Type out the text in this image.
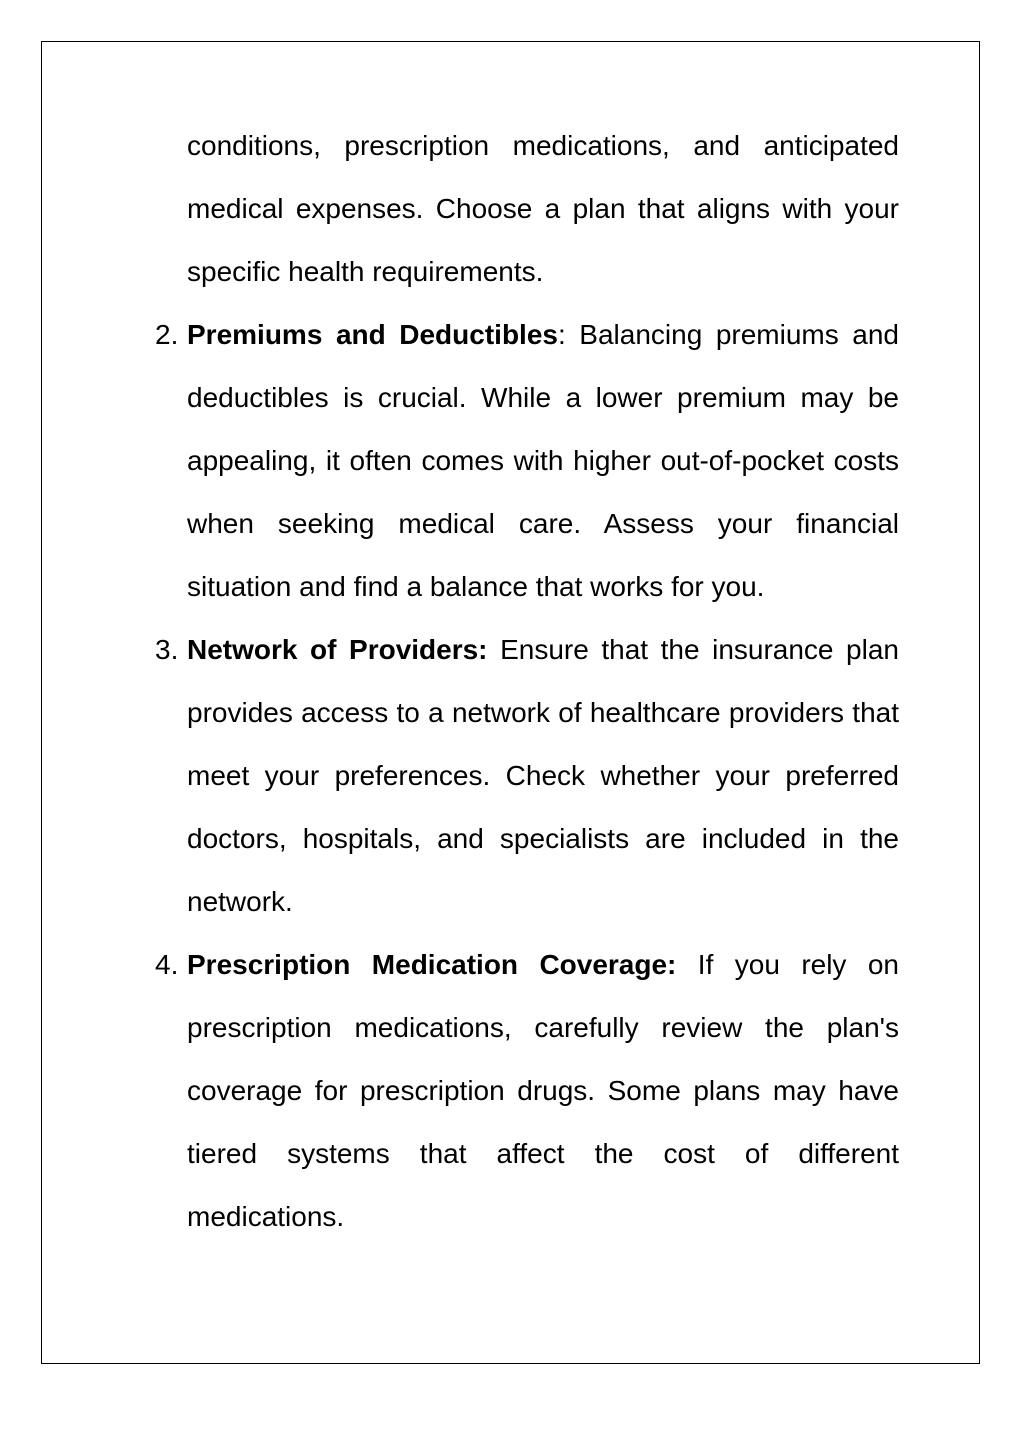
conditions, prescription medications, and anticipated medical expenses. Choose a plan that aligns with your specific health requirements.

2. Premiums and Deductibles: Balancing premiums and deductibles is crucial. While a lower premium may be appealing, it often comes with higher out-of-pocket costs when seeking medical care. Assess your financial situation and find a balance that works for you.
3. Network of Providers: Ensure that the insurance plan provides access to a network of healthcare providers that meet your preferences. Check whether your preferred doctors, hospitals, and specialists are included in the network.
4. Prescription Medication Coverage: If you rely on prescription medications, carefully review the plan's coverage for prescription drugs. Some plans may have tiered systems that affect the cost of different medications.
